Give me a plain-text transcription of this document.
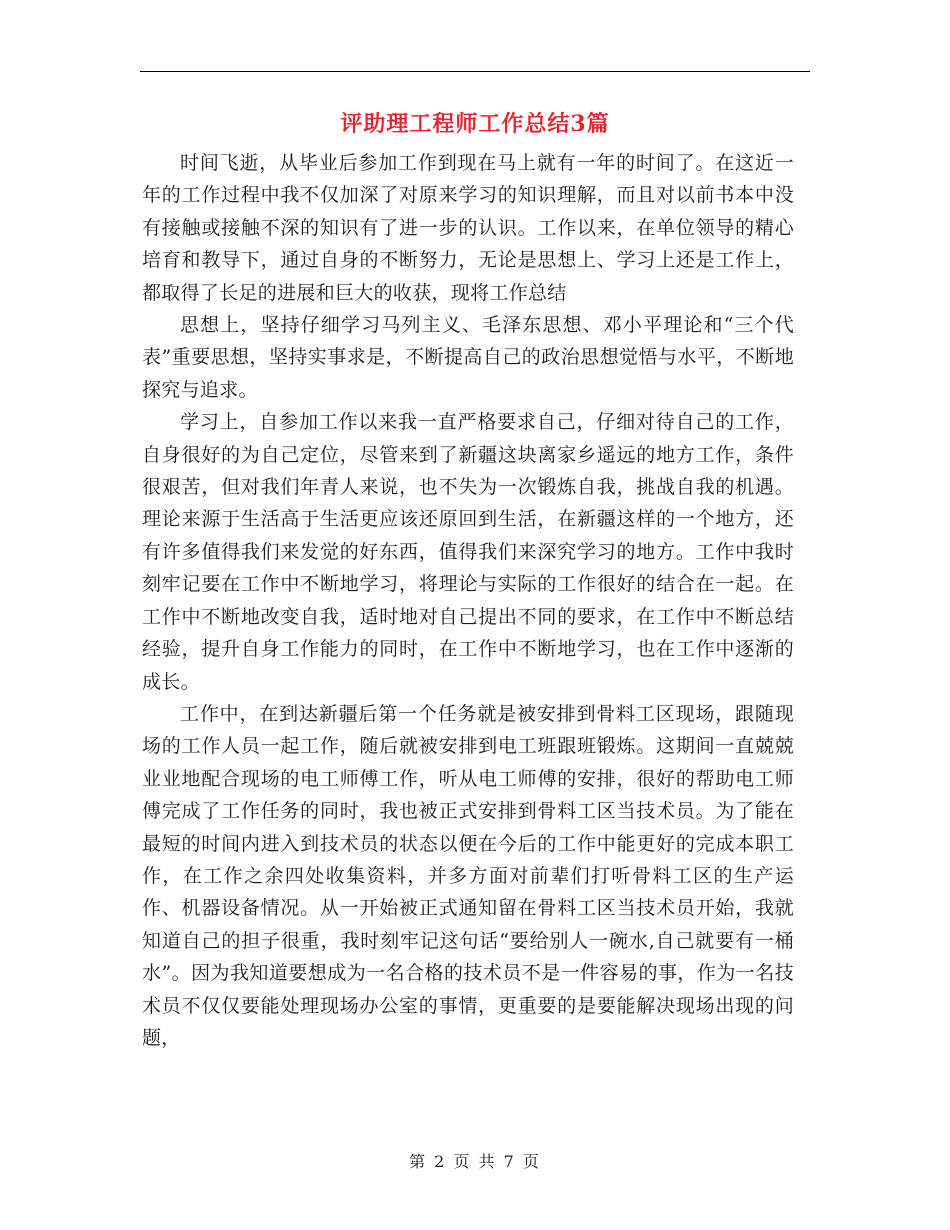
评助理工程师工作总结3篇

时间飞逝，从毕业后参加工作到现在马上就有一年的时间了。在这近一年的工作过程中我不仅加深了对原来学习的知识理解，而且对以前书本中没有接触或接触不深的知识有了进一步的认识。工作以来，在单位领导的精心培育和教导下，通过自身的不断努力，无论是思想上、学习上还是工作上，都取得了长足的进展和巨大的收获，现将工作总结

思想上，坚持仔细学习马列主义、毛泽东思想、邓小平理论和“三个代表”重要思想，坚持实事求是，不断提高自己的政治思想觉悟与水平，不断地探究与追求。

学习上，自参加工作以来我一直严格要求自己，仔细对待自己的工作，自身很好的为自己定位，尽管来到了新疆这块离家乡遥远的地方工作，条件很艰苦，但对我们年青人来说，也不失为一次锻炼自我，挑战自我的机遇。理论来源于生活高于生活更应该还原回到生活，在新疆这样的一个地方，还有许多值得我们来发觉的好东西，值得我们来深究学习的地方。工作中我时刻牢记要在工作中不断地学习，将理论与实际的工作很好的结合在一起。在工作中不断地改变自我，适时地对自己提出不同的要求，在工作中不断总结经验，提升自身工作能力的同时，在工作中不断地学习，也在工作中逐渐的成长。

工作中，在到达新疆后第一个任务就是被安排到骨料工区现场，跟随现场的工作人员一起工作，随后就被安排到电工班跟班锻炼。这期间一直兢兢业业地配合现场的电工师傅工作，听从电工师傅的安排，很好的帮助电工师傅完成了工作任务的同时，我也被正式安排到骨料工区当技术员。为了能在最短的时间内进入到技术员的状态以便在今后的工作中能更好的完成本职工作，在工作之余四处收集资料，并多方面对前辈们打听骨料工区的生产运作、机器设备情况。从一开始被正式通知留在骨料工区当技术员开始，我就知道自己的担子很重，我时刻牢记这句话“要给别人一碗水,自己就要有一桶水”。因为我知道要想成为一名合格的技术员不是一件容易的事，作为一名技术员不仅仅要能处理现场办公室的事情，更重要的是要能解决现场出现的问题，

第 2 页 共 7 页
